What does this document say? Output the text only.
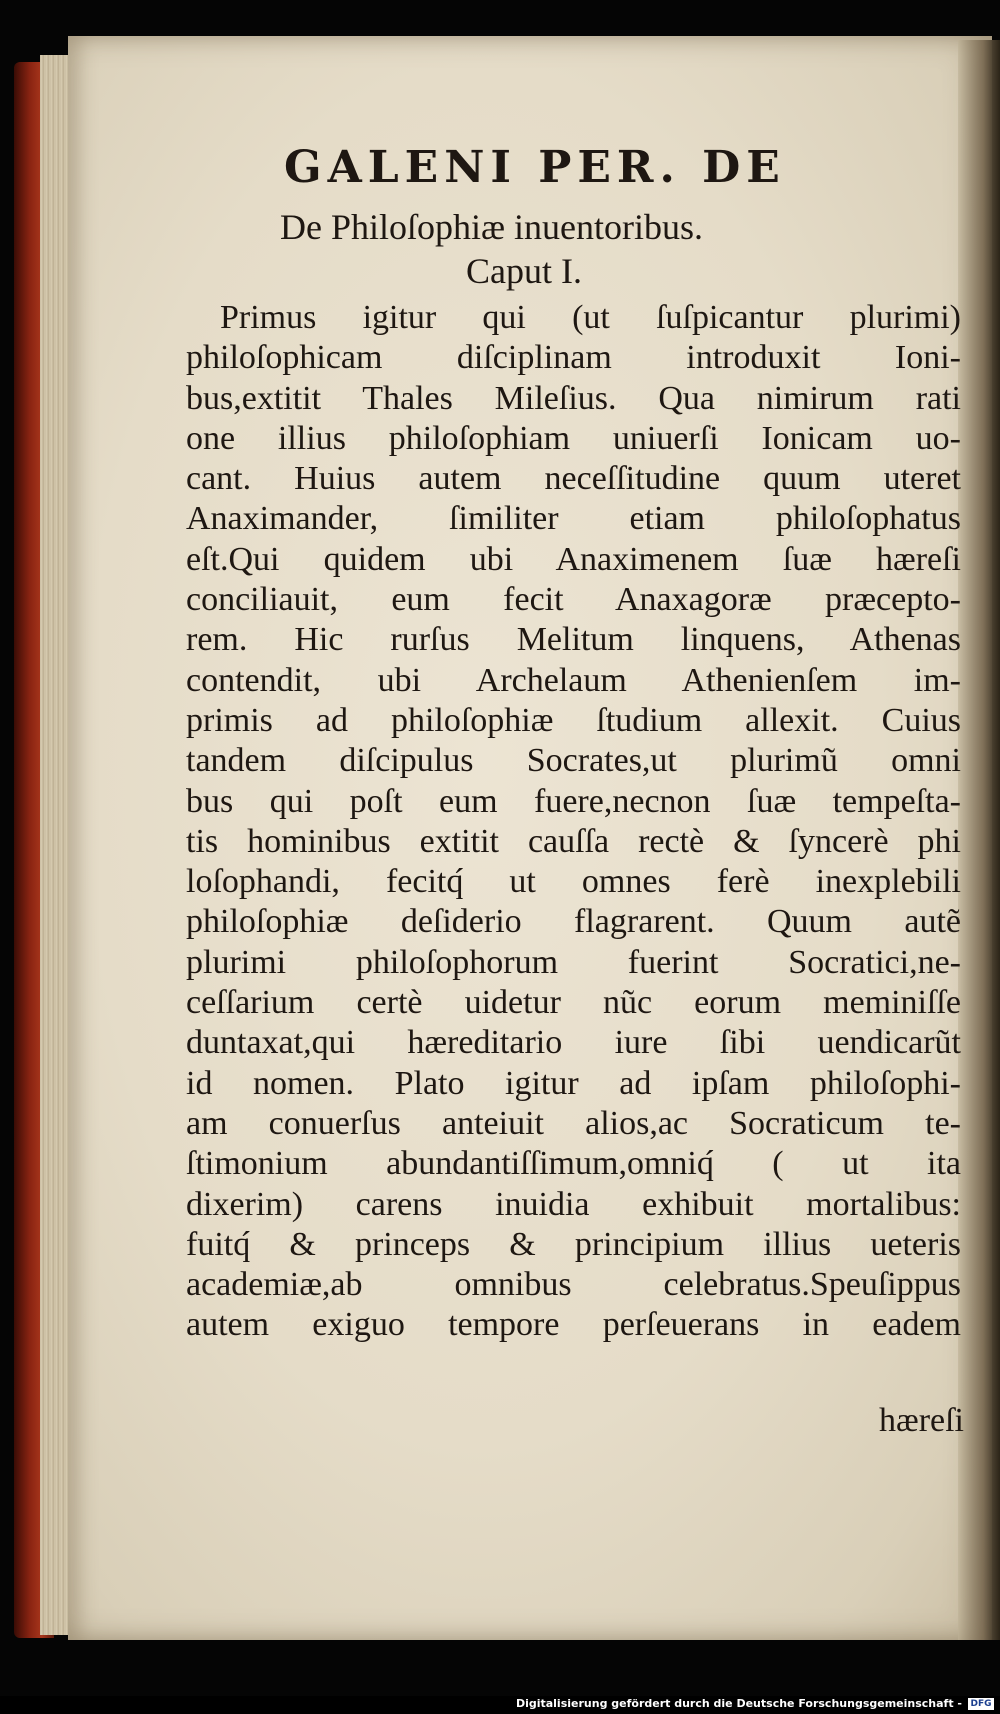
GALENI PER. DE
De Philoſophiæ inuentoribus.
Caput I.
Primus igitur qui (ut ſuſpicantur plurimi)
philoſophicam diſciplinam introduxit Ioni-
bus,extitit Thales Mileſius. Qua nimirum rati
one illius philoſophiam uniuerſi Ionicam uo-
cant. Huius autem neceſſitudine quum uteret
Anaximander, ſimiliter etiam philoſophatus
eſt.Qui quidem ubi Anaximenem ſuæ hæreſi
conciliauit, eum fecit Anaxagoræ præcepto-
rem. Hic rurſus Melitum linquens, Athenas
contendit, ubi Archelaum Athenienſem im-
primis ad philoſophiæ ſtudium allexit. Cuius
tandem diſcipulus Socrates,ut plurimũ omni
bus qui poſt eum fuere,necnon ſuæ tempeſta-
tis hominibus extitit cauſſa rectè & ſyncerè phi
loſophandi, fecitq́ ut omnes ferè inexplebili
philoſophiæ deſiderio flagrarent. Quum autẽ
plurimi philoſophorum fuerint Socratici,ne-
ceſſarium certè uidetur nũc eorum meminiſſe
duntaxat,qui hæreditario iure ſibi uendicarũt
id nomen. Plato igitur ad ipſam philoſophi-
am conuerſus anteiuit alios,ac Socraticum te-
ſtimonium abundantiſſimum,omniq́ ( ut ita
dixerim) carens inuidia exhibuit mortalibus:
fuitq́ & princeps & principium illius ueteris
academiæ,ab omnibus celebratus.Speuſippus
autem exiguo tempore perſeuerans in eadem
hæreſi
Digitalisierung gefördert durch die Deutsche Forschungsgemeinschaft - DFG
